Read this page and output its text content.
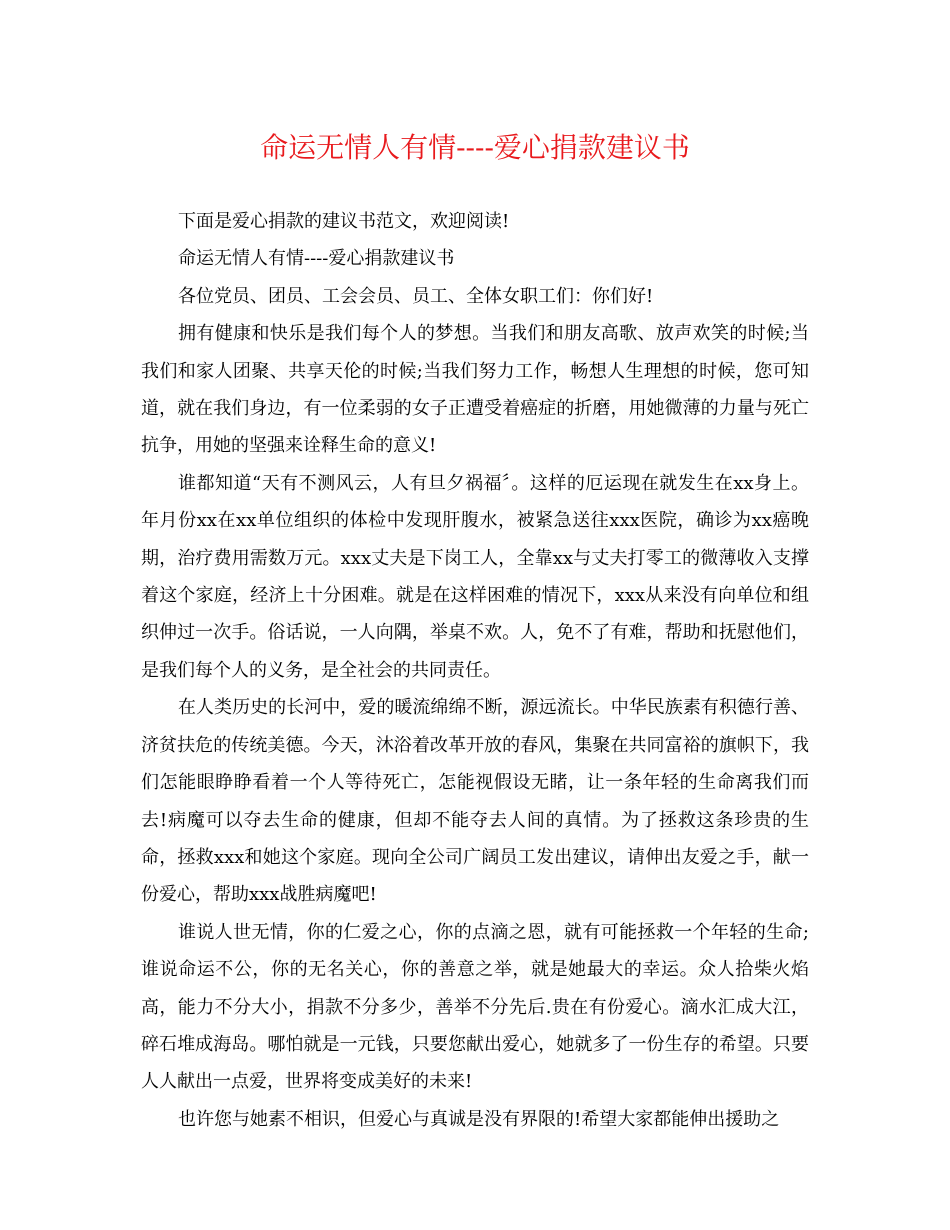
命运无情人有情----爱心捐款建议书

下面是爱心捐款的建议书范文，欢迎阅读!

命运无情人有情----爱心捐款建议书

各位党员、团员、工会会员、员工、全体女职工们：你们好!

拥有健康和快乐是我们每个人的梦想。当我们和朋友高歌、放声欢笑的时候;当我们和家人团聚、共享天伦的时候;当我们努力工作，畅想人生理想的时候，您可知道，就在我们身边，有一位柔弱的女子正遭受着癌症的折磨，用她微薄的力量与死亡抗争，用她的坚强来诠释生命的意义!

谁都知道“天有不测风云，人有旦夕祸福〞。这样的厄运现在就发生在xx身上。年月份xx在xx单位组织的体检中发现肝腹水，被紧急送往xxx医院，确诊为xx癌晚期，治疗费用需数万元。xxx丈夫是下岗工人，全靠xx与丈夫打零工的微薄收入支撑着这个家庭，经济上十分困难。就是在这样困难的情况下，xxx从来没有向单位和组织伸过一次手。俗话说，一人向隅，举桌不欢。人，免不了有难，帮助和抚慰他们，是我们每个人的义务，是全社会的共同责任。

在人类历史的长河中，爱的暖流绵绵不断，源远流长。中华民族素有积德行善、济贫扶危的传统美德。今天，沐浴着改革开放的春风，集聚在共同富裕的旗帜下，我们怎能眼睁睁看着一个人等待死亡，怎能视假设无睹，让一条年轻的生命离我们而去!病魔可以夺去生命的健康，但却不能夺去人间的真情。为了拯救这条珍贵的生命，拯救xxx和她这个家庭。现向全公司广阔员工发出建议，请伸出友爱之手，献一份爱心，帮助xxx战胜病魔吧!

谁说人世无情，你的仁爱之心，你的点滴之恩，就有可能拯救一个年轻的生命;谁说命运不公，你的无名关心，你的善意之举，就是她最大的幸运。众人拾柴火焰高，能力不分大小，捐款不分多少，善举不分先后.贵在有份爱心。滴水汇成大江，碎石堆成海岛。哪怕就是一元钱，只要您献出爱心，她就多了一份生存的希望。只要人人献出一点爱，世界将变成美好的未来!

也许您与她素不相识，但爱心与真诚是没有界限的!希望大家都能伸出援助之
